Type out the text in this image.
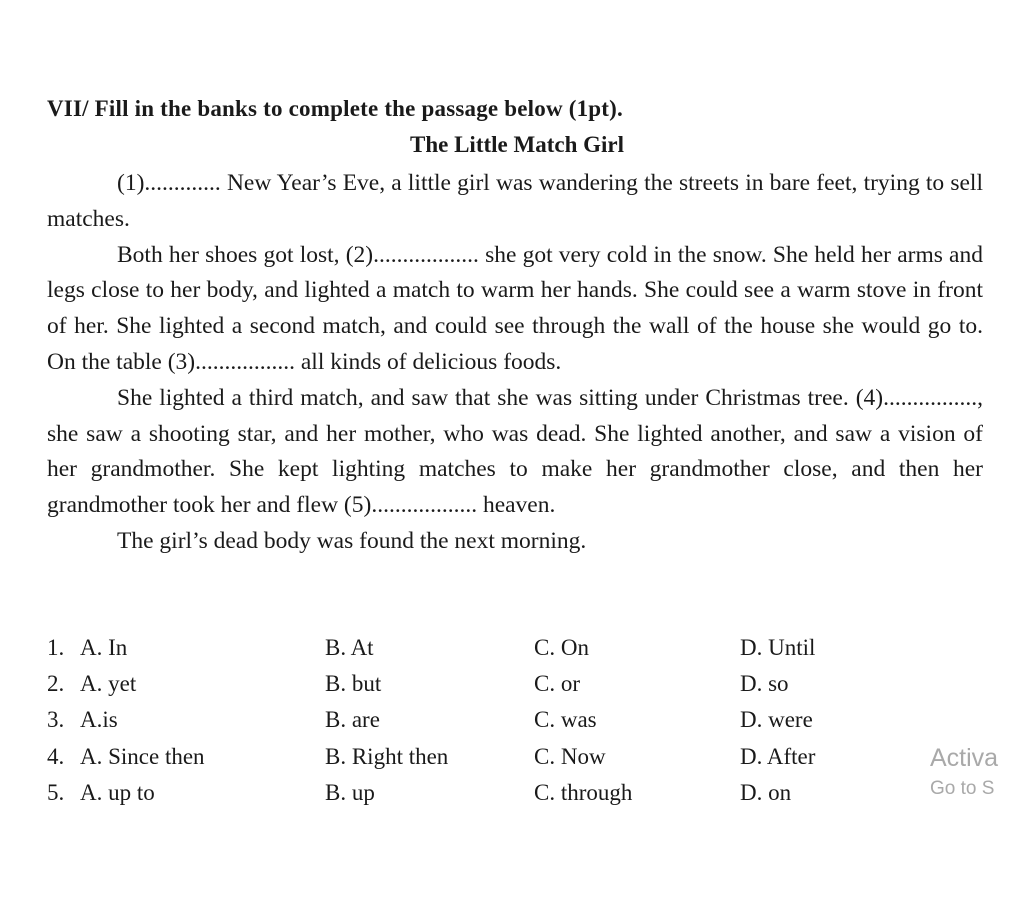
VII/ Fill in the banks to complete the passage below (1pt).
The Little Match Girl

(1)............. New Year’s Eve, a little girl was wandering the streets in bare feet, trying to sell matches.

Both her shoes got lost, (2).................. she got very cold in the snow. She held her arms and legs close to her body, and lighted a match to warm her hands. She could see a warm stove in front of her. She lighted a second match, and could see through the wall of the house she would go to. On the table (3)................. all kinds of delicious foods.

She lighted a third match, and saw that she was sitting under Christmas tree. (4)................, she saw a shooting star, and her mother, who was dead. She lighted another, and saw a vision of her grandmother. She kept lighting matches to make her grandmother close, and then her grandmother took her and flew (5).................. heaven.

The girl’s dead body was found the next morning.

1. A. In	B. At	C. On	D. Until
2. A. yet	B. but	C. or	D. so
3. A.is	B. are	C. was	D. were
4. A. Since then	B. Right then	C. Now	D. After
5. A. up to	B. up	C. through	D. on
Activa
Go to S
